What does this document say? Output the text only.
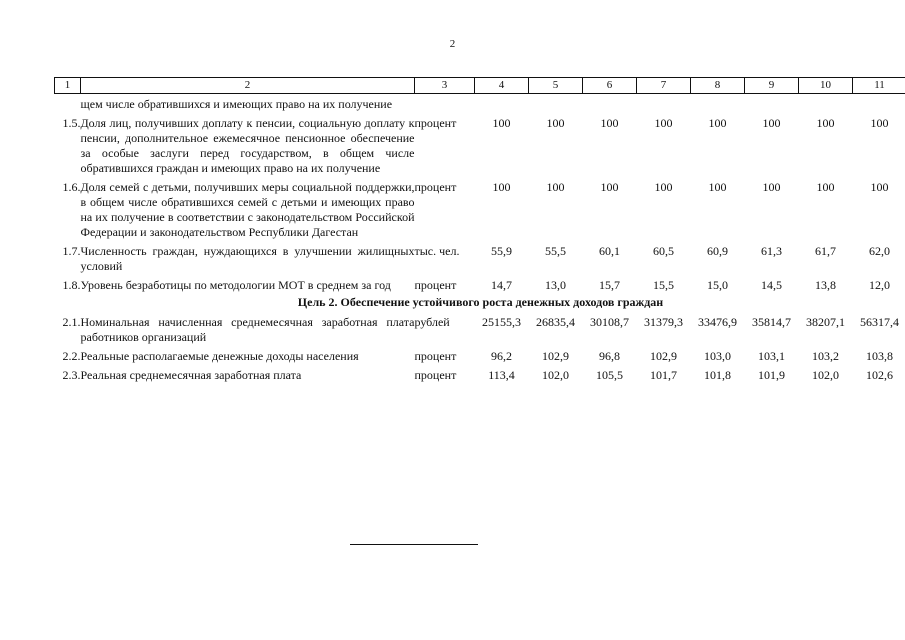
2
1	2	3	4	5	6	7	8	9	10	11
	щем числе обратившихся и имеющих право на их получение									
1.5.	Доля лиц, получивших доплату к пенсии, социальную доплату к пенсии, дополнительное ежемесячное пенсионное обеспечение за особые заслуги перед государством, в общем числе обратившихся граждан и имеющих право на их получение	процент	100	100	100	100	100	100	100	100
1.6.	Доля семей с детьми, получивших меры социальной поддержки, в общем числе обратившихся семей с детьми и имеющих право на их получение в соответствии с законодательством Российской Федерации и законодательством Республики Дагестан	процент	100	100	100	100	100	100	100	100
1.7.	Численность граждан, нуждающихся в улучшении жилищных условий	тыс. чел.	55,9	55,5	60,1	60,5	60,9	61,3	61,7	62,0
1.8.	Уровень безработицы по методологии МОТ в среднем за год	процент	14,7	13,0	15,7	15,5	15,0	14,5	13,8	12,0
Цель 2. Обеспечение устойчивого роста денежных доходов граждан										
2.1.	Номинальная начисленная среднемесячная заработная плата работников организаций	рублей	25155,3	26835,4	30108,7	31379,3	33476,9	35814,7	38207,1	56317,4
2.2.	Реальные располагаемые денежные доходы населения	процент	96,2	102,9	96,8	102,9	103,0	103,1	103,2	103,8
2.3.	Реальная среднемесячная заработная плата	процент	113,4	102,0	105,5	101,7	101,8	101,9	102,0	102,6
